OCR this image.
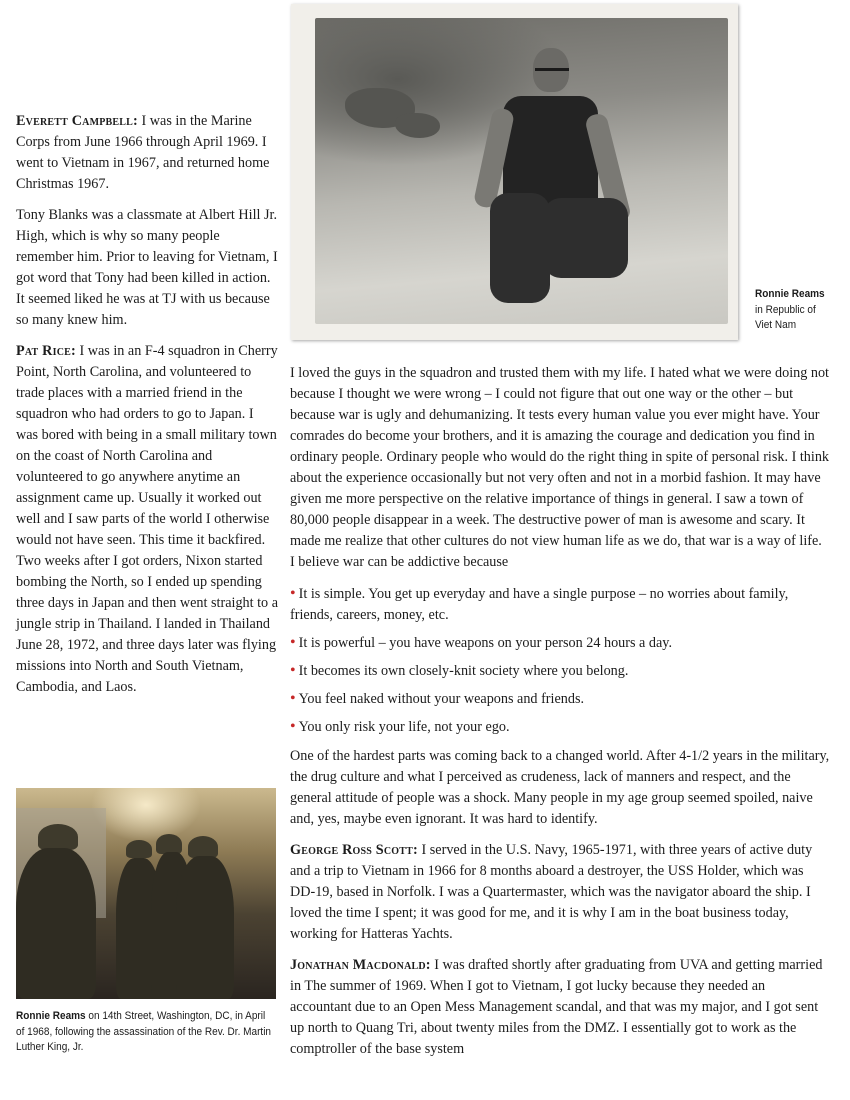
Ronnie Reams
in Republic of
Viet Nam

Everett Campbell: I was in the Marine Corps from June 1966 through April 1969. I went to Vietnam in 1967, and returned home Christmas 1967.

Tony Blanks was a classmate at Albert Hill Jr. High, which is why so many people remember him. Prior to leaving for Vietnam, I got word that Tony had been killed in action. It seemed liked he was at TJ with us because so many knew him.

Pat Rice: I was in an F-4 squadron in Cherry Point, North Carolina, and volunteered to trade places with a married friend in the squadron who had orders to go to Japan. I was bored with being in a small military town on the coast of North Carolina and volunteered to go anywhere anytime an assignment came up. Usually it worked out well and I saw parts of the world I otherwise would not have seen. This time it backfired. Two weeks after I got orders, Nixon started bombing the North, so I ended up spending three days in Japan and then went straight to a jungle strip in Thailand. I landed in Thailand June 28, 1972, and three days later was flying missions into North and South Vietnam, Cambodia, and Laos.

Ronnie Reams on 14th Street, Washington, DC, in April of 1968, following the assassination of the Rev. Dr. Martin Luther King, Jr.

I loved the guys in the squadron and trusted them with my life. I hated what we were doing not because I thought we were wrong – I could not figure that out one way or the other – but because war is ugly and dehumanizing. It tests every human value you ever might have. Your comrades do become your brothers, and it is amazing the courage and dedication you find in ordinary people. Ordinary people who would do the right thing in spite of personal risk. I think about the experience occasionally but not very often and not in a morbid fashion. It may have given me more perspective on the relative importance of things in general. I saw a town of 80,000 people disappear in a week. The destructive power of man is awesome and scary. It made me realize that other cultures do not view human life as we do, that war is a way of life. I believe war can be addictive because

• It is simple. You get up everyday and have a single purpose – no worries about family, friends, careers, money, etc.
• It is powerful – you have weapons on your person 24 hours a day.
• It becomes its own closely-knit society where you belong.
• You feel naked without your weapons and friends.
• You only risk your life, not your ego.

One of the hardest parts was coming back to a changed world. After 4-1/2 years in the military, the drug culture and what I perceived as crudeness, lack of manners and respect, and the general attitude of people was a shock. Many people in my age group seemed spoiled, naive and, yes, maybe even ignorant. It was hard to identify.

George Ross Scott: I served in the U.S. Navy, 1965-1971, with three years of active duty and a trip to Vietnam in 1966 for 8 months aboard a destroyer, the USS Holder, which was DD-19, based in Norfolk. I was a Quartermaster, which was the navigator aboard the ship. I loved the time I spent; it was good for me, and it is why I am in the boat business today, working for Hatteras Yachts.

Jonathan Macdonald: I was drafted shortly after graduating from UVA and getting married in The summer of 1969. When I got to Vietnam, I got lucky because they needed an accountant due to an Open Mess Management scandal, and that was my major, and I got sent up north to Quang Tri, about twenty miles from the DMZ. I essentially got to work as the comptroller of the base system
